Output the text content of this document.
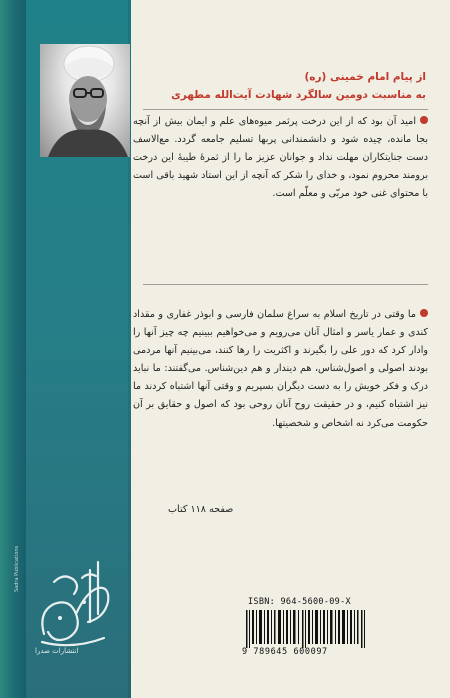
از پیام امام خمینی (ره)
به مناسبت دومین سالگرد شهادت آیت‌الله مطهری
امید آن بود که از این درخت پرثمر میوه‌های علم و ایمان بیش از آنچه بجا مانده، چیده شود و دانشمندانی پربها تسلیم جامعه گردد. مع‌الاسف دست جنایتکاران مهلت نداد و جوانان عزیز ما را از ثمرهٔ طیبهٔ این درخت برومند محروم نمود، و خدای را شکر که آنچه از این استاد شهید باقی است با محتوای غنی خود مربّی و معلّم است.
ما وقتی در تاریخ اسلام به سراغ سلمان فارسی و ابوذر غفاری و مقداد کندی و عمار یاسر و امثال آنان می‌رویم و می‌خواهیم ببینیم چه چیز آنها را وادار کرد که دور علی را بگیرند و اکثریت را رها کنند، می‌بینیم آنها مردمی بودند اصولی و اصول‌شناس، هم دیندار و هم دین‌شناس. می‌گفتند: ما نباید درک و فکر خویش را به دست دیگران بسپریم و وقتی آنها اشتباه کردند ما نیز اشتباه کنیم، و در حقیقت روح آنان روحی بود که اصول و حقایق بر آن حکومت می‌کرد نه اشخاص و شخصیتها.
صفحه ۱۱۸ کتاب
ISBN: 964-5600-09-X
9 789645 600097
انتشارات صدرا
Sadra Publications
